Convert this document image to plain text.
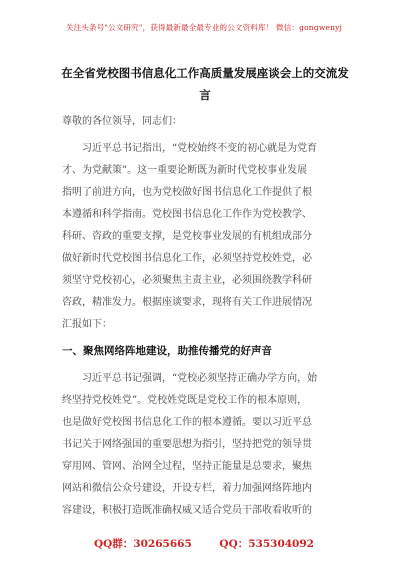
关注头条号"公文研究"，获得最新最全最专业的公文资料库！ 微信：gongwenyj
在全省党校图书信息化工作高质量发展座谈会上的交流发
言
尊敬的各位领导，同志们：
习近平总书记指出，“党校始终不变的初心就是为党育
才、为党献策”。这一重要论断既为新时代党校事业发展
指明了前进方向，也为党校做好图书信息化工作提供了根
本遵循和科学指南。党校图书信息化工作作为党校教学、
科研、咨政的重要支撑，是党校事业发展的有机组成部分
做好新时代党校图书信息化工作，必须坚持党校姓党，必
须坚守党校初心，必须聚焦主责主业，必须围绕教学科研
咨政，精准发力。根据座谈要求，现将有关工作进展情况
汇报如下：
一、聚焦网络阵地建设，助推传播党的好声音
习近平总书记强调，“党校必须坚持正确办学方向，始
终坚持党校姓党”。党校姓党既是党校工作的根本原则，
也是做好党校图书信息化工作的根本遵循。要以习近平总
书记关于网络强国的重要思想为指引，坚持把党的领导贯
穿用网、管网、治网全过程，坚持正能量是总要求，聚焦
网站和微信公众号建设，开设专栏，着力加强网络阵地内
容建设，积极打造既准确权威又适合党员干部收看收听的
QQ群：30265665	QQ：535304092
